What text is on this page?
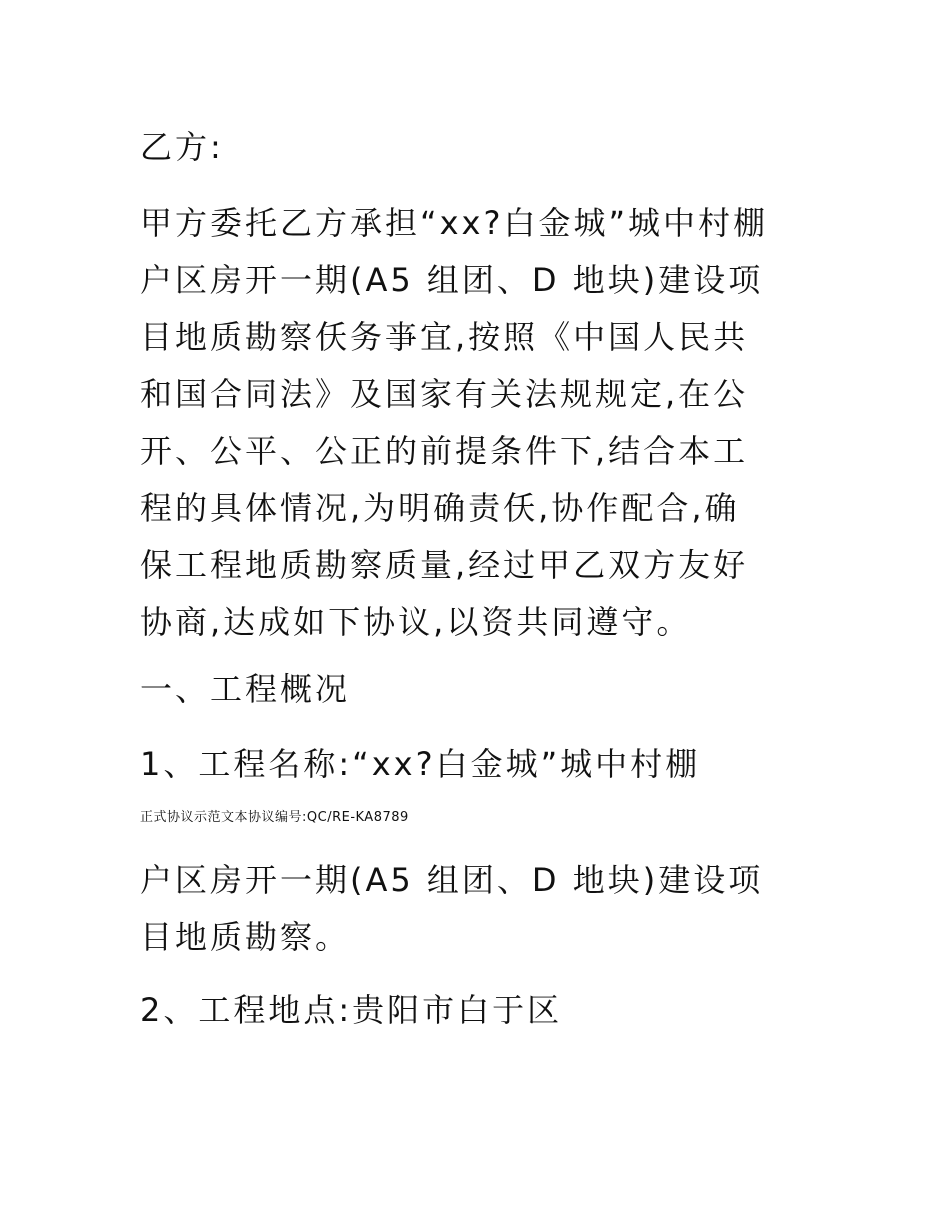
乙方:

甲方委托乙方承担“xx?白金城”城中村棚
户区房开一期(A5 组团、D 地块)建设项
目地质勘察仸务亊宜,按照《中国人民共
和国合同法》及国家有关法规规定,在公
开、公平、公正的前提条件下,结合本工
程的具体情况,为明确责仸,协作配合,确
保工程地质勘察质量,经过甲乙双方友好
协商,达成如下协议,以资共同遵守。

一、工程概况

1、工程名称:“xx?白金城”城中村棚

正式协议示范文本协议编号:QC/RE-KA8789

户区房开一期(A5 组团、D 地块)建设项
目地质勘察。

2、工程地点:贵阳市白于区
